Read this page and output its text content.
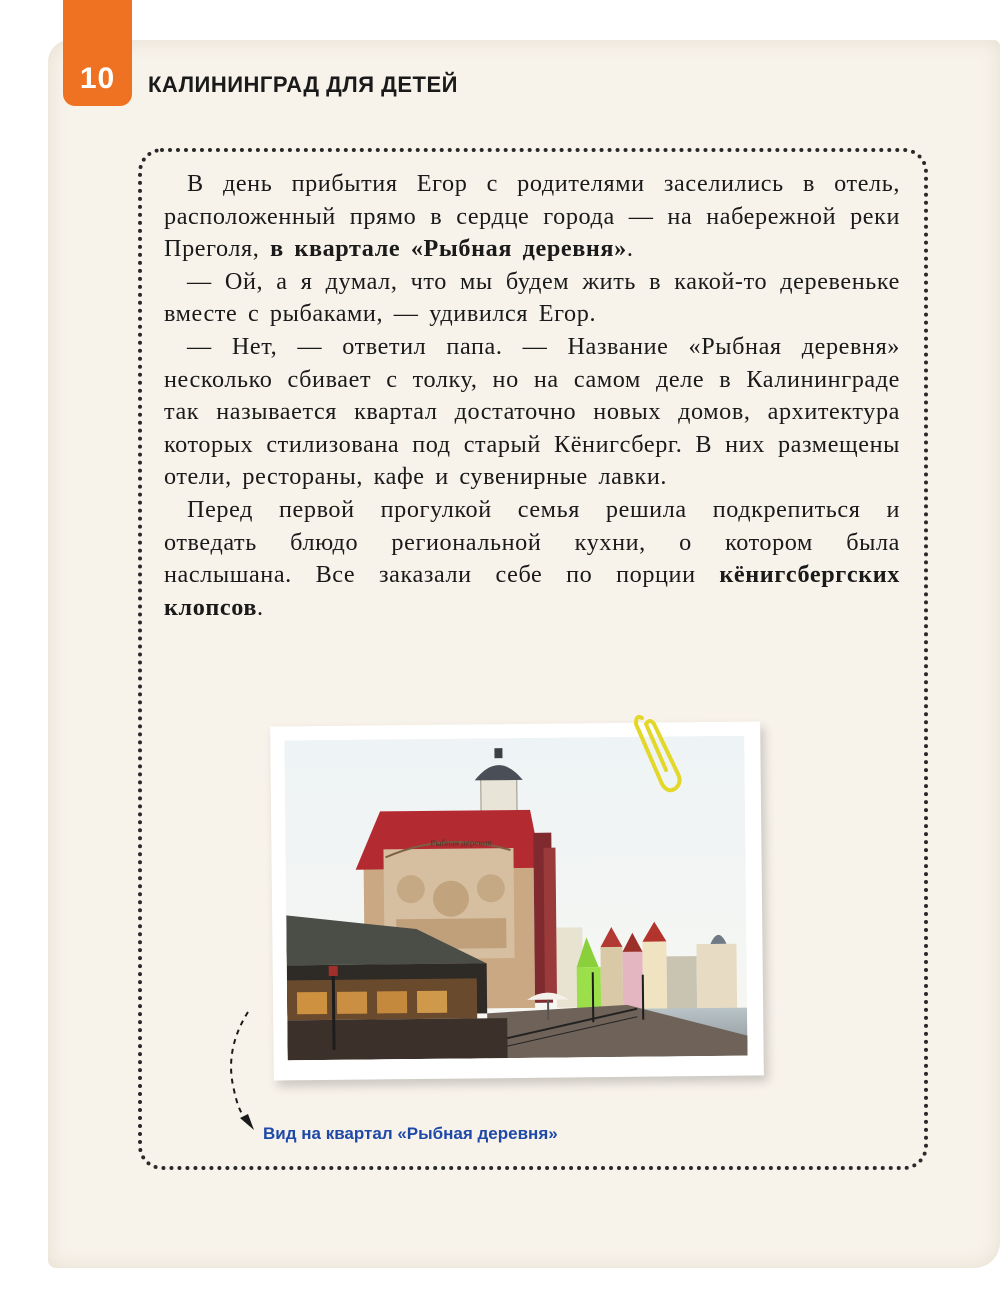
10	КАЛИНИНГРАД ДЛЯ ДЕТЕЙ

В день прибытия Егор с родителями заселились в отель, расположенный прямо в сердце города — на набережной реки Преголя, в квартале «Рыбная деревня».

— Ой, а я думал, что мы будем жить в какой-то деревеньке вместе с рыбаками, — удивился Егор.

— Нет, — ответил папа. — Название «Рыбная деревня» несколько сбивает с толку, но на самом деле в Калининграде так называется квартал достаточно новых домов, архитектура которых стилизована под старый Кёнигсберг. В них размещены отели, рестораны, кафе и сувенирные лавки.

Перед первой прогулкой семья решила подкрепиться и отведать блюдо региональной кухни, о котором была наслышана. Все заказали себе по порции кёнигсбергских клопсов.

Рыбная деревня
Вид на квартал «Рыбная деревня»
